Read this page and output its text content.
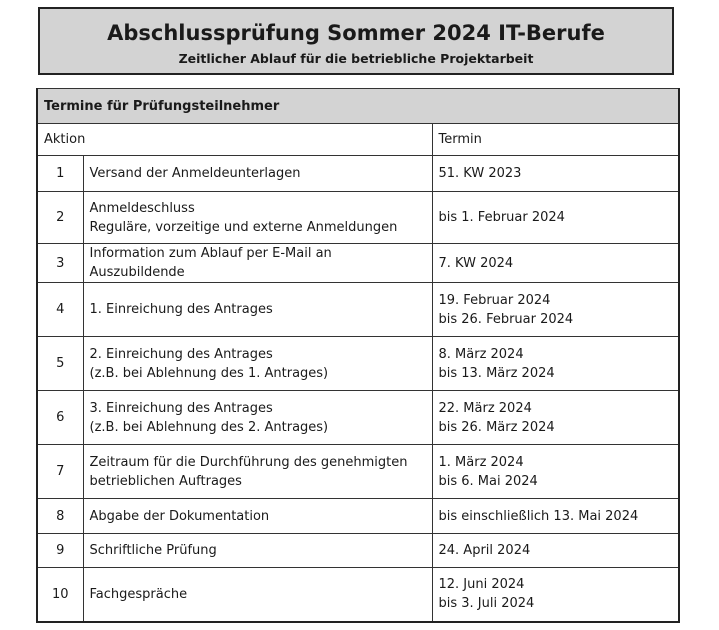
Abschlussprüfung Sommer 2024 IT-Berufe
Zeitlicher Ablauf für die betriebliche Projektarbeit
Termine für Prüfungsteilnehmer		
Aktion		Termin
1	Versand der Anmeldeunterlagen	51. KW 2023

2	Anmeldeschluss
Reguläre, vorzeitige und externe Anmeldungen	bis 1. Februar 2024

3	Information zum Ablauf per E-Mail an Auszubildende	7. KW 2024

4	1. Einreichung des Antrages	19. Februar 2024
bis 26. Februar 2024

5	2. Einreichung des Antrages
(z.B. bei Ablehnung des 1. Antrages)	8. März 2024
bis 13. März 2024

6	3. Einreichung des Antrages
(z.B. bei Ablehnung des 2. Antrages)	22. März 2024
bis 26. März 2024

7	Zeitraum für die Durchführung des genehmigten
betrieblichen Auftrages	1. März 2024
bis 6. Mai 2024

8	Abgabe der Dokumentation	bis einschließlich 13. Mai 2024

9	Schriftliche Prüfung	24. April 2024

10	Fachgespräche	12. Juni 2024
bis 3. Juli 2024
